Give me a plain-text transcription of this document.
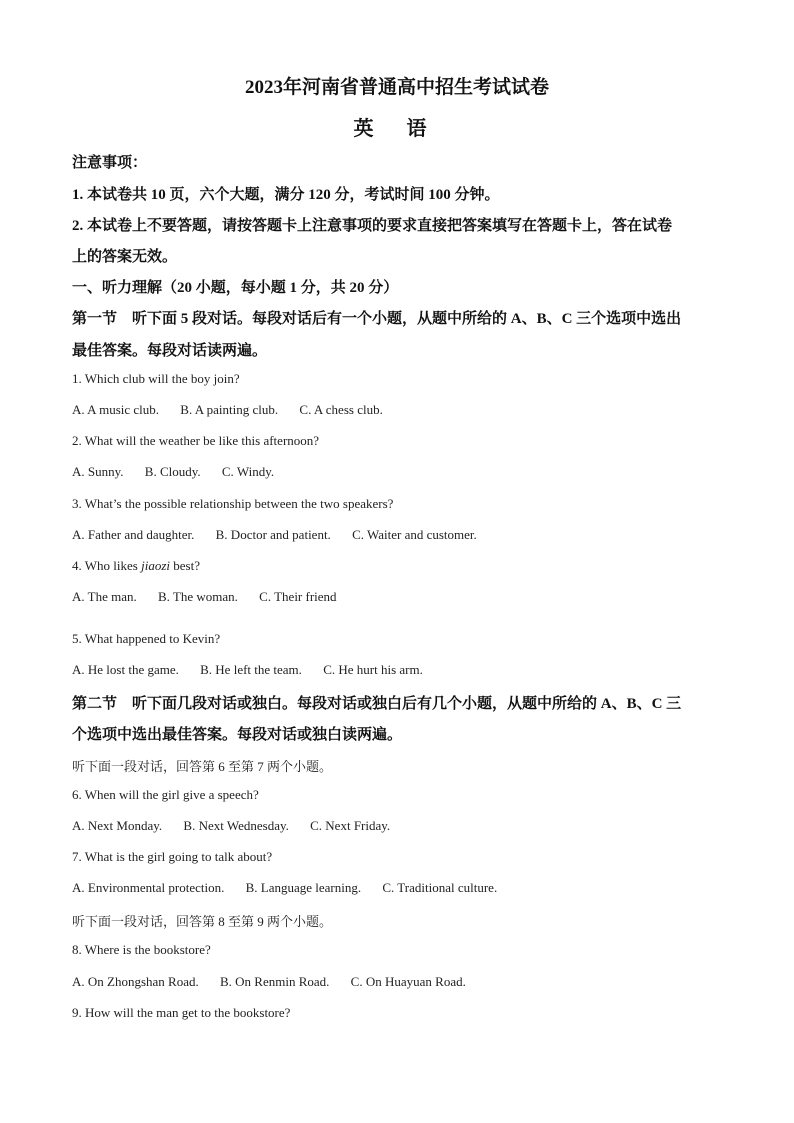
2023年河南省普通高中招生考试试卷
英 语
注意事项：
1. 本试卷共 10 页，六个大题，满分 120 分，考试时间 100 分钟。
2. 本试卷上不要答题，请按答题卡上注意事项的要求直接把答案填写在答题卡上，答在试卷
上的答案无效。
一、听力理解（20 小题，每小题 1 分，共 20 分）
第一节　听下面 5 段对话。每段对话后有一个小题，从题中所给的 A、B、C 三个选项中选出
最佳答案。每段对话读两遍。
1. Which club will the boy join?
A. A music club. B. A painting club. C. A chess club.
2. What will the weather be like this afternoon?
A. Sunny. B. Cloudy. C. Windy.
3. What’s the possible relationship between the two speakers?
A. Father and daughter. B. Doctor and patient. C. Waiter and customer.
4. Who likes jiaozi best?
A. The man. B. The woman. C. Their friend
5. What happened to Kevin?
A. He lost the game. B. He left the team. C. He hurt his arm.
第二节　听下面几段对话或独白。每段对话或独白后有几个小题，从题中所给的 A、B、C 三
个选项中选出最佳答案。每段对话或独白读两遍。
听下面一段对话，回答第 6 至第 7 两个小题。
6. When will the girl give a speech?
A. Next Monday. B. Next Wednesday. C. Next Friday.
7. What is the girl going to talk about?
A. Environmental protection. B. Language learning. C. Traditional culture.
听下面一段对话，回答第 8 至第 9 两个小题。
8. Where is the bookstore?
A. On Zhongshan Road. B. On Renmin Road. C. On Huayuan Road.
9. How will the man get to the bookstore?
